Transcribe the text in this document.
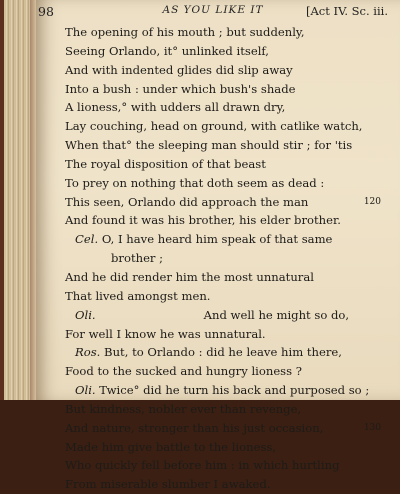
98	AS YOU LIKE IT	[Act IV. Sc. iii.
The opening of his mouth ; but suddenly,
Seeing Orlando, it° unlinked itself,
And with indented glides did slip away
Into a bush : under which bush's shade
A lioness,° with udders all drawn dry,
Lay couching, head on ground, with catlike watch,
When that° the sleeping man should stir ; for 'tis
The royal disposition of that beast
To prey on nothing that doth seem as dead :
This seen, Orlando did approach the man	120
And found it was his brother, his elder brother.
Cel. O, I have heard him speak of that same
brother ;
And he did render him the most unnatural
That lived amongst men.
Oli.	And well he might so do,
For well I know he was unnatural.
Ros. But, to Orlando : did he leave him there,
Food to the sucked and hungry lioness ?
Oli. Twice° did he turn his back and purposed so ;
But kindness, nobler ever than revenge,
And nature, stronger than his just occasion,	130
Made him give battle to the lioness,
Who quickly fell before him : in which hurtling
From miserable slumber I awaked.
